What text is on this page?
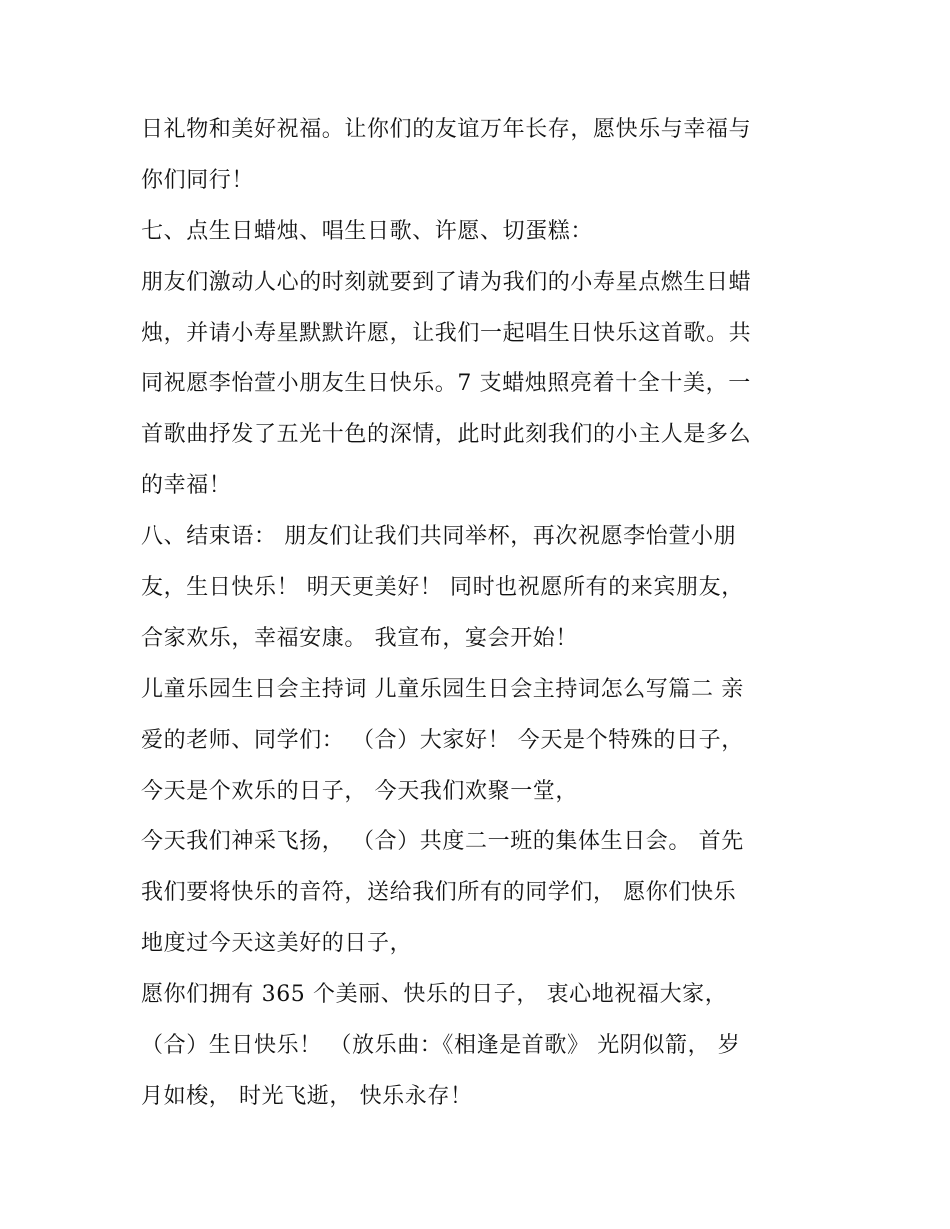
日礼物和美好祝福。让你们的友谊万年长存，愿快乐与幸福与
你们同行！
七、点生日蜡烛、唱生日歌、许愿、切蛋糕：
朋友们激动人心的时刻就要到了请为我们的小寿星点燃生日蜡
烛，并请小寿星默默许愿，让我们一起唱生日快乐这首歌。共
同祝愿李怡萱小朋友生日快乐。7 支蜡烛照亮着十全十美，一
首歌曲抒发了五光十色的深情，此时此刻我们的小主人是多么
的幸福！
八、结束语： 朋友们让我们共同举杯，再次祝愿李怡萱小朋
友，生日快乐！ 明天更美好！ 同时也祝愿所有的来宾朋友，
合家欢乐，幸福安康。 我宣布，宴会开始！
儿童乐园生日会主持词 儿童乐园生日会主持词怎么写篇二 亲
爱的老师、同学们： （合）大家好！ 今天是个特殊的日子，
今天是个欢乐的日子， 今天我们欢聚一堂，
今天我们神采飞扬， （合）共度二一班的集体生日会。 首先
我们要将快乐的音符，送给我们所有的同学们， 愿你们快乐
地度过今天这美好的日子，
愿你们拥有 365 个美丽、快乐的日子， 衷心地祝福大家，
（合）生日快乐！ （放乐曲：《相逢是首歌》 光阴似箭， 岁
月如梭， 时光飞逝， 快乐永存！
